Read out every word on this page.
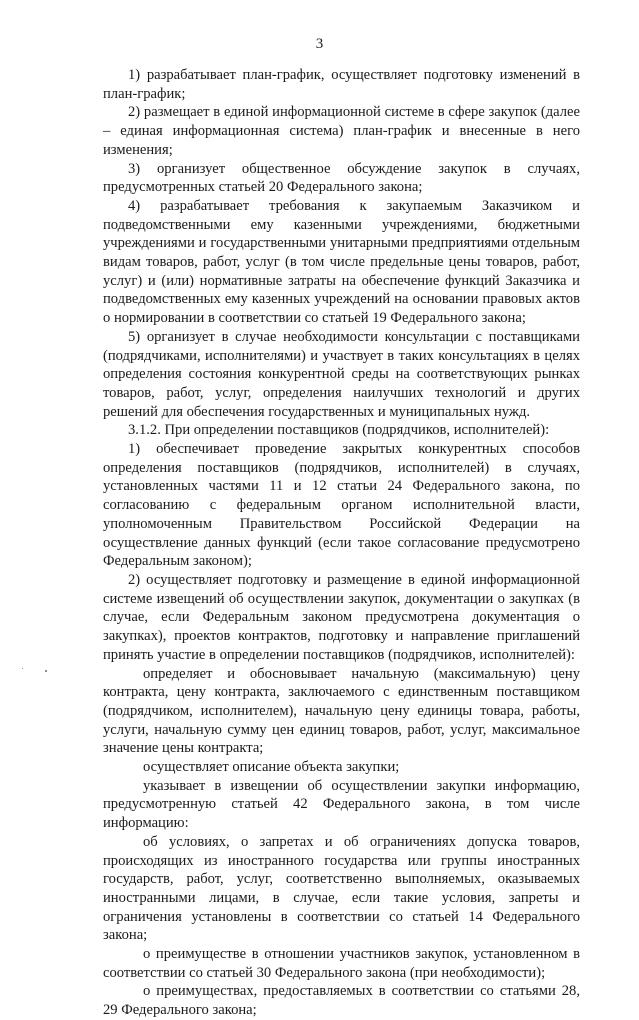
3

1) разрабатывает план-график, осуществляет подготовку изменений в план-график;

2) размещает в единой информационной системе в сфере закупок (далее – единая информационная система) план-график и внесенные в него изменения;

3) организует общественное обсуждение закупок в случаях, предусмотренных статьей 20 Федерального закона;

4) разрабатывает требования к закупаемым Заказчиком и подведомственными ему казенными учреждениями, бюджетными учреждениями и государственными унитарными предприятиями отдельным видам товаров, работ, услуг (в том числе предельные цены товаров, работ, услуг) и (или) нормативные затраты на обеспечение функций Заказчика и подведомственных ему казенных учреждений на основании правовых актов о нормировании в соответствии со статьей 19 Федерального закона;

5) организует в случае необходимости консультации с поставщиками (подрядчиками, исполнителями) и участвует в таких консультациях в целях определения состояния конкурентной среды на соответствующих рынках товаров, работ, услуг, определения наилучших технологий и других решений для обеспечения государственных и муниципальных нужд.

3.1.2. При определении поставщиков (подрядчиков, исполнителей):

1) обеспечивает проведение закрытых конкурентных способов определения поставщиков (подрядчиков, исполнителей) в случаях, установленных частями 11 и 12 статьи 24 Федерального закона, по согласованию с федеральным органом исполнительной власти, уполномоченным Правительством Российской Федерации на осуществление данных функций (если такое согласование предусмотрено Федеральным законом);

2) осуществляет подготовку и размещение в единой информационной системе извещений об осуществлении закупок, документации о закупках (в случае, если Федеральным законом предусмотрена документация о закупках), проектов контрактов, подготовку и направление приглашений принять участие в определении поставщиков (подрядчиков, исполнителей):

определяет и обосновывает начальную (максимальную) цену контракта, цену контракта, заключаемого с единственным поставщиком (подрядчиком, исполнителем), начальную цену единицы товара, работы, услуги, начальную сумму цен единиц товаров, работ, услуг, максимальное значение цены контракта;

осуществляет описание объекта закупки;

указывает в извещении об осуществлении закупки информацию, предусмотренную статьей 42 Федерального закона, в том числе информацию:

об условиях, о запретах и об ограничениях допуска товаров, происходящих из иностранного государства или группы иностранных государств, работ, услуг, соответственно выполняемых, оказываемых иностранными лицами, в случае, если такие условия, запреты и ограничения установлены в соответствии со статьей 14 Федерального закона;

о преимуществе в отношении участников закупок, установленном в соответствии со статьей 30 Федерального закона (при необходимости);

о преимуществах, предоставляемых в соответствии со статьями 28, 29 Федерального закона;
